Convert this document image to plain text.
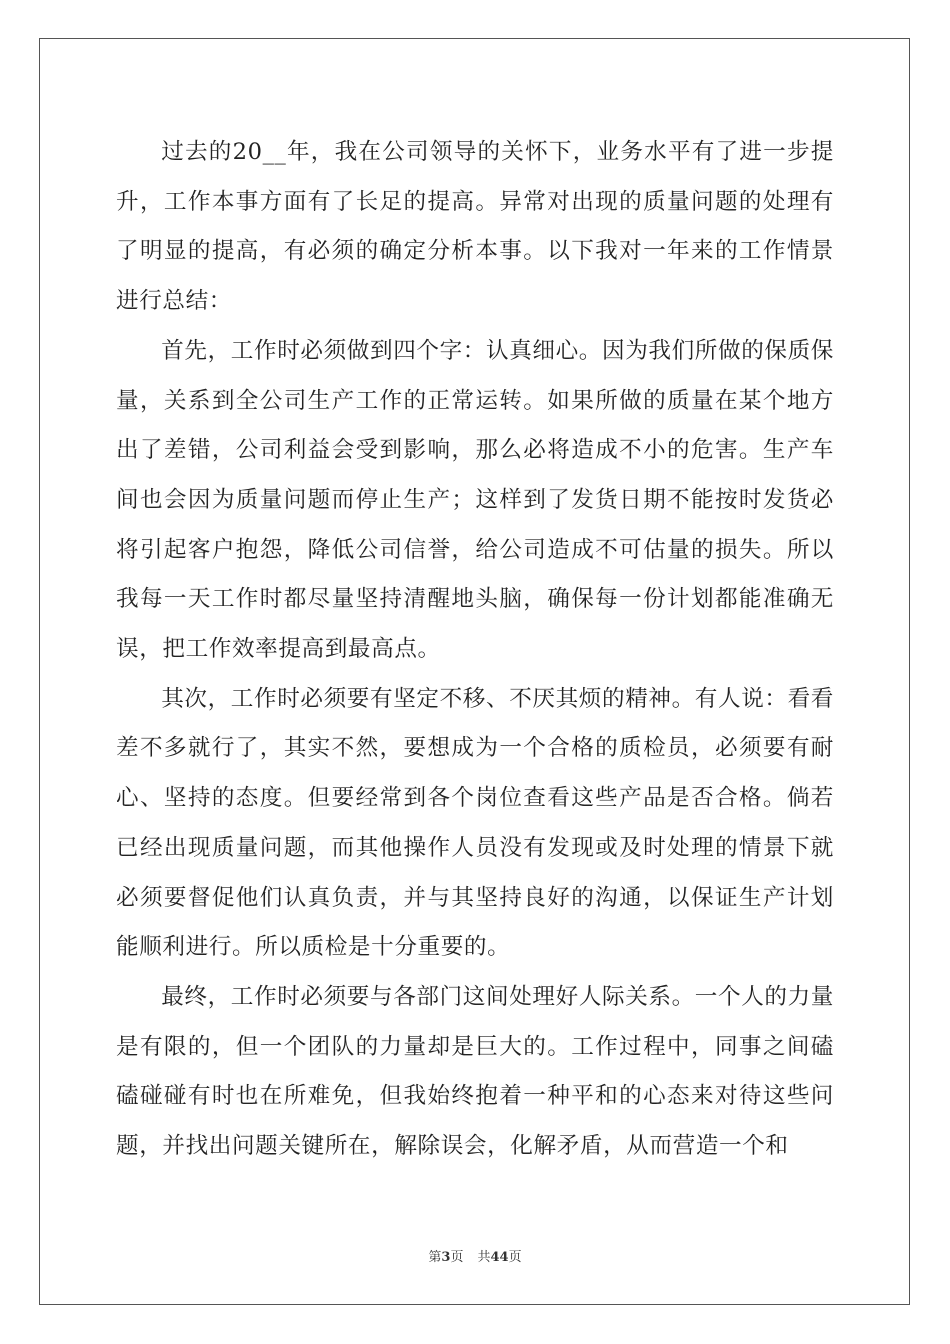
过去的20__年，我在公司领导的关怀下，业务水平有了进一步提升，工作本事方面有了长足的提高。异常对出现的质量问题的处理有了明显的提高，有必须的确定分析本事。以下我对一年来的工作情景进行总结：

首先，工作时必须做到四个字：认真细心。因为我们所做的保质保量，关系到全公司生产工作的正常运转。如果所做的质量在某个地方出了差错，公司利益会受到影响，那么必将造成不小的危害。生产车间也会因为质量问题而停止生产；这样到了发货日期不能按时发货必将引起客户抱怨，降低公司信誉，给公司造成不可估量的损失。所以我每一天工作时都尽量坚持清醒地头脑，确保每一份计划都能准确无误，把工作效率提高到最高点。

其次，工作时必须要有坚定不移、不厌其烦的精神。有人说：看看差不多就行了，其实不然，要想成为一个合格的质检员，必须要有耐心、坚持的态度。但要经常到各个岗位查看这些产品是否合格。倘若已经出现质量问题，而其他操作人员没有发现或及时处理的情景下就必须要督促他们认真负责，并与其坚持良好的沟通，以保证生产计划能顺利进行。所以质检是十分重要的。

最终，工作时必须要与各部门这间处理好人际关系。一个人的力量是有限的，但一个团队的力量却是巨大的。工作过程中，同事之间磕磕碰碰有时也在所难免，但我始终抱着一种平和的心态来对待这些问题，并找出问题关键所在，解除误会，化解矛盾，从而营造一个和

第3页 共44页
